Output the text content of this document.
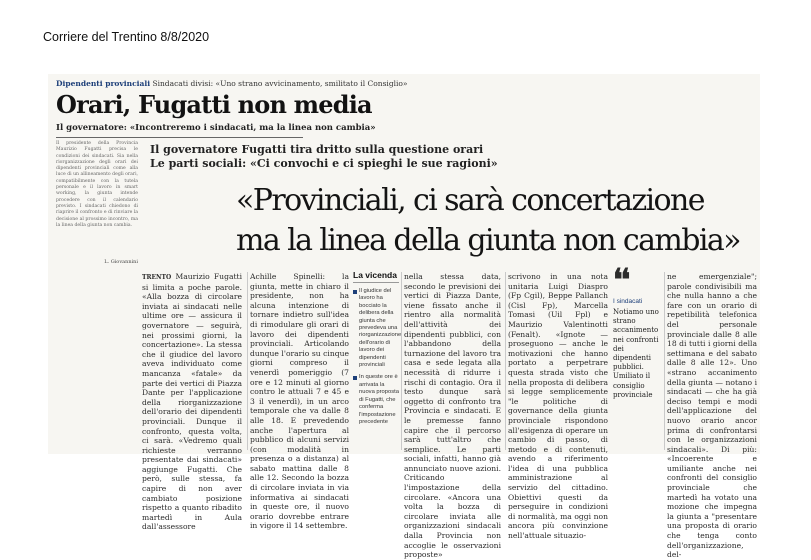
Corriere del Trentino 8/8/2020
Dipendenti provinciali Sindacati divisi: «Uno strano avvicinamento, smilitato il Consiglio»
Orari, Fugatti non media
Il governatore: «Incontreremo i sindacati, ma la linea non cambia»
Il presidente della Provincia Maurizio Fugatti precisa le condizioni dei sindacati. Sia nella riorganizzazione degli orari dei dipendenti provinciali come alla luce di un allineamento degli orari, compatibilmente con la tutela personale e il lavoro in smart working, la giunta intende procedere con il calendario previsto. I sindacati chiedono di riaprire il confronto e di rinviare la decisione al prossimo incontro, ma la linea della giunta non cambia.
L. Giovannini
Il governatore Fugatti tira dritto sulla questione orari
Le parti sociali: «Ci convochi e ci spieghi le sue ragioni»
«Provinciali, ci sarà concertazione
ma la linea della giunta non cambia»
TRENTO Maurizio Fugatti si limita a poche parole. «Alla bozza di circolare inviata ai sindacati nelle ultime ore — assicura il governatore — seguirà, nei prossimi giorni, la concertazione». La stessa che il giudice del lavoro aveva individuato come mancanza «fatale» da parte dei vertici di Piazza Dante per l'applicazione della riorganizzazione dell'orario dei dipendenti provinciali. Dunque il confronto, questa volta, ci sarà. «Vedremo quali richieste verranno presentate dai sindacati» aggiunge Fugatti. Che però, sulle stessa, fa capire di non aver cambiato posizione rispetto a quanto ribadito martedì in Aula dall'assessore
Achille Spinelli: la giunta, mette in chiaro il presidente, non ha alcuna intenzione di tornare indietro sull'idea di rimodulare gli orari di lavoro dei dipendenti provinciali. Articolando dunque l'orario su cinque giorni compreso il venerdì pomeriggio (7 ore e 12 minuti al giorno contro le attuali 7 e 45 e 3 il venerdì), in un arco temporale che va dalle 8 alle 18. E prevedendo anche l'apertura al pubblico di alcuni servizi (con modalità in presenza o a distanza) al sabato mattina dalle 8 alle 12. Secondo la bozza di circolare inviata in via informativa ai sindacati in queste ore, il nuovo orario dovrebbe entrare in vigore il 14 settembre.
La vicenda
Il giudice del lavoro ha bocciato la delibera della giunta che prevedeva una riorganizzazione dell'orario di lavoro dei dipendenti provinciali
In queste ore è arrivata la nuova proposta di Fugatti, che conferma l'impostazione precedente
nella stessa data, secondo le previsioni dei vertici di Piazza Dante, viene fissato anche il rientro alla normalità dell'attività dei dipendenti pubblici, con l'abbandono della turnazione del lavoro tra casa e sede legata alla necessità di ridurre i rischi di contagio. Ora il testo dunque sarà oggetto di confronto tra Provincia e sindacati. E le premesse fanno capire che il percorso sarà tutt'altro che semplice. Le parti sociali, infatti, hanno già annunciato nuove azioni. Criticando l'impostazione della circolare. «Ancora una volta la bozza di circolare inviata alle organizzazioni sindacali dalla Provincia non accoglie le osservazioni proposte»
scrivono in una nota unitaria Luigi Diaspro (Fp Cgil), Beppe Pallanch (Cisl Fp), Marcella Tomasi (Uil Fpl) e Maurizio Valentinotti (Fenalt). «Ignote — proseguono — anche le motivazioni che hanno portato a perpetrare questa strada visto che nella proposta di delibera si legge semplicemente "le politiche di governance della giunta provinciale rispondono all'esigenza di operare un cambio di passo, di metodo e di contenuti, avendo a riferimento l'idea di una pubblica amministrazione al servizio del cittadino. Obiettivi questi da perseguire in condizioni di normalità, ma oggi non ancora più convinzione nell'attuale situazio-
❛❛
I sindacati
Notiamo uno strano accanimento nei confronti dei dipendenti pubblici. Umiliato il consiglio provinciale
ne emergenziale"; parole condivisibili ma che nulla hanno a che fare con un orario di repetibilità telefonica del personale provinciale dalle 8 alle 18 di tutti i giorni della settimana e del sabato dalle 8 alle 12». Uno «strano accanimento della giunta — notano i sindacati — che ha già deciso tempi e modi dell'applicazione del nuovo orario ancor prima di confrontarsi con le organizzazioni sindacali». Di più: «Incoerente e umiliante anche nei confronti del consiglio provinciale che martedì ha votato una mozione che impegna la giunta a "presentare una proposta di orario che tenga conto dell'organizzazione, del-
